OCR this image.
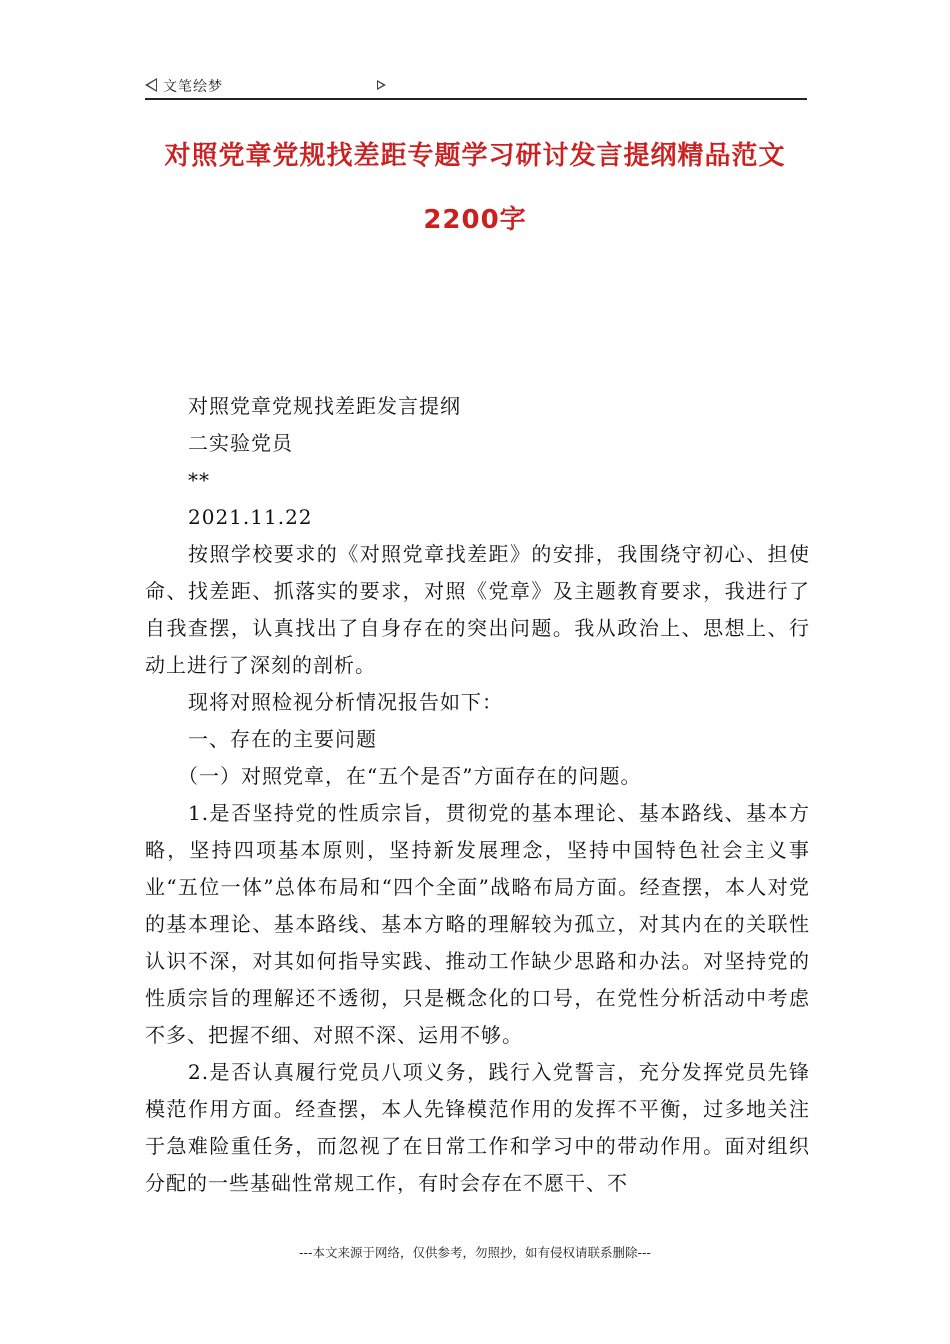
文笔绘梦
对照党章党规找差距专题学习研讨发言提纲精品范文2200字

对照党章党规找差距发言提纲

二实验党员

**

2021.11.22

按照学校要求的《对照党章找差距》的安排，我围绕守初心、担使命、找差距、抓落实的要求，对照《党章》及主题教育要求，我进行了自我查摆，认真找出了自身存在的突出问题。我从政治上、思想上、行动上进行了深刻的剖析。

现将对照检视分析情况报告如下：

一、存在的主要问题

（一）对照党章，在“五个是否”方面存在的问题。

1.是否坚持党的性质宗旨，贯彻党的基本理论、基本路线、基本方略，坚持四项基本原则，坚持新发展理念，坚持中国特色社会主义事业“五位一体”总体布局和“四个全面”战略布局方面。经查摆，本人对党的基本理论、基本路线、基本方略的理解较为孤立，对其内在的关联性认识不深，对其如何指导实践、推动工作缺少思路和办法。对坚持党的性质宗旨的理解还不透彻，只是概念化的口号，在党性分析活动中考虑不多、把握不细、对照不深、运用不够。

2.是否认真履行党员八项义务，践行入党誓言，充分发挥党员先锋模范作用方面。经查摆，本人先锋模范作用的发挥不平衡，过多地关注于急难险重任务，而忽视了在日常工作和学习中的带动作用。面对组织分配的一些基础性常规工作，有时会存在不愿干、不

---本文来源于网络，仅供参考，勿照抄，如有侵权请联系删除---
